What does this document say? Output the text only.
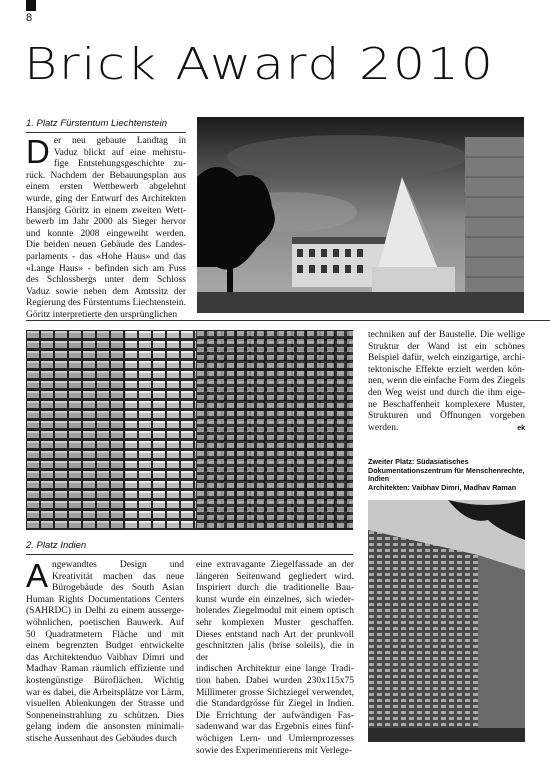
8
Brick Award 2010
1. Platz Fürstentum Liechtenstein
D er neu gebaute Landtag in
Vaduz blickt auf eine mehrstu-
fige Entstehungsgeschichte zu-
rück. Nachdem der Bebauungsplan aus
einem ersten Wettbewerb abgelehnt
wurde, ging der Entwurf des Architekten
Hansjörg Göritz in einem zweiten Wett-
bewerb im Jahr 2000 als Sieger hervor
und konnte 2008 eingeweiht werden.
Die beiden neuen Gebäude des Landes-
parlaments - das «Hohe Haus» und das
«Lange Haus» - befinden sich am Fuss
des Schlossbergs unter dem Schloss
Vaduz sowie neben dem Amtssitz der
Regierung des Fürstentums Liechtenstein.
Göritz interpretierte den ursprünglichen
techniken auf der Baustelle. Die wellige
Struktur der Wand ist ein schönes
Beispiel dafür, welch einzigartige, archi-
tektonische Effekte erzielt werden kön-
nen, wenn die einfache Form des Ziegels
den Weg weist und durch die ihm eige-
ne Beschaffenheit komplexere Muster,
Strukturen und Öffnungen vorgeben
werden.	ek
Zweiter Platz: Südasiatisches
Dokumentationszentrum für Menschenrechte, Indien
Architekten: Vaibhav Dimri, Madhav Raman
2. Platz Indien
A ngewandtes Design und
Kreativität machen das neue
Bürogebäude des South Asian
Human Rights Documentations Centers
(SAHRDC) in Delhi zu einem ausserge-
wöhnlichen, poetischen Bauwerk. Auf
50 Quadratmetern Fläche und mit
einem begrenzten Budget entwickelte
das Architektenduo Vaibhav Dimri und
Madhav Raman räumlich effiziente und
kostengünstige Büroflächen. Wichtig
war es dabei, die Arbeitsplätze vor Lärm,
visuellen Ablenkungen der Strasse und
Sonneneinstrahlung zu schützen. Dies
gelang indem die ansonsten minimali-
stische Aussenhaut des Gebäudes durch
eine extravagante Ziegelfassade an der
längeren Seitenwand gegliedert wird.
Inspiriert durch die traditionelle Bau-
kunst wurde ein einzelnes, sich wieder-
holendes Ziegelmodul mit einem optisch
sehr komplexen Muster geschaffen.
Dieses entstand nach Art der prunkvoll
geschnitzten jalis (brise soleils), die in der
indischen Architektur eine lange Tradi-
tion haben. Dabei wurden 230x115x75
Millimeter grosse Sichtziegel verwendet,
die Standardgrösse für Ziegel in Indien.
Die Errichtung der aufwändigen Fas-
sadenwand war das Ergebnis eines fünf-
wöchigen Lern- und Umlernprozesses
sowie des Experimentierens mit Verlege-
